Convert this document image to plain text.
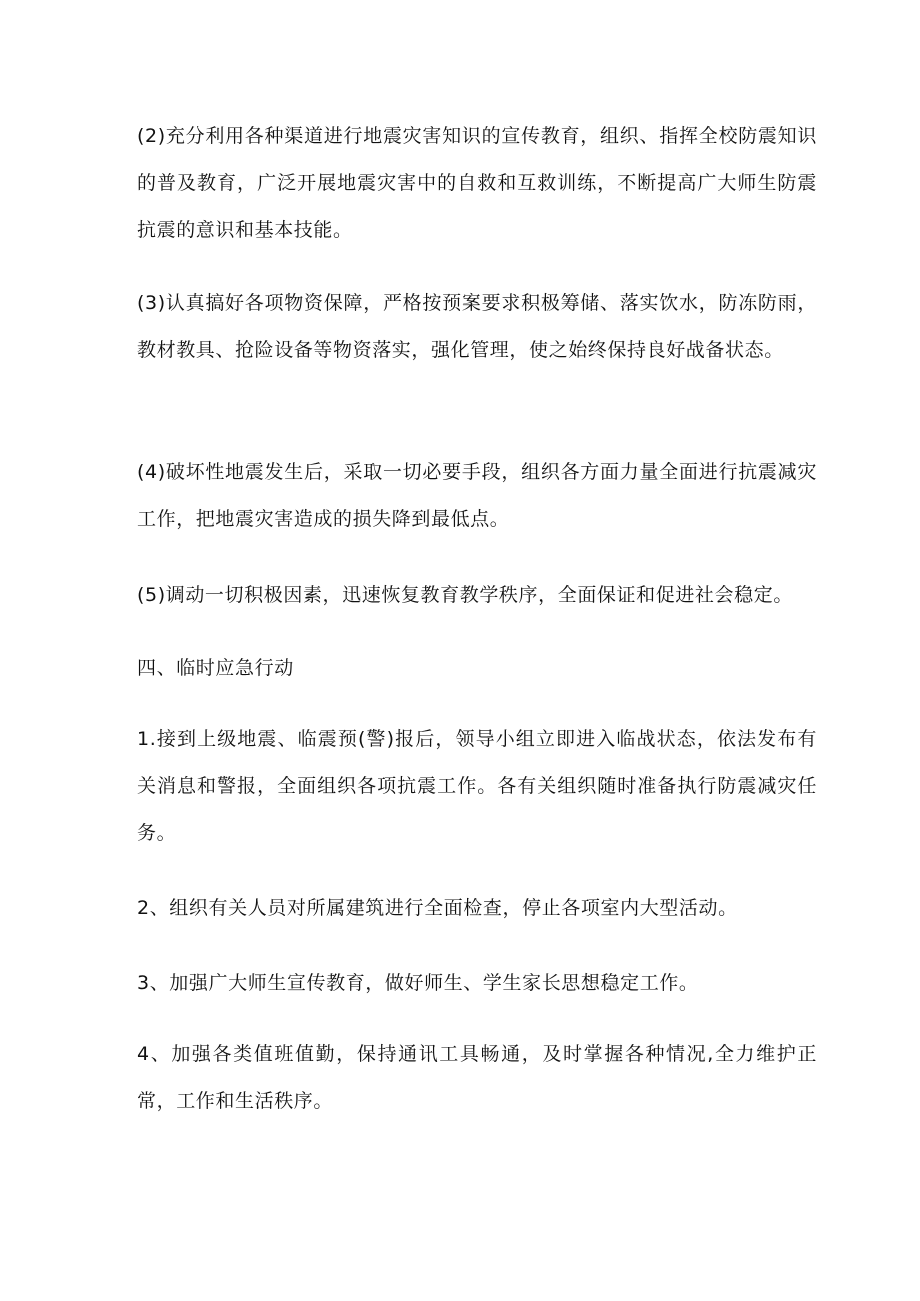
(2)充分利用各种渠道进行地震灾害知识的宣传教育，组织、指挥全校防震知识的普及教育，广泛开展地震灾害中的自救和互救训练，不断提高广大师生防震抗震的意识和基本技能。

(3)认真搞好各项物资保障，严格按预案要求积极筹储、落实饮水，防冻防雨，教材教具、抢险设备等物资落实，强化管理，使之始终保持良好战备状态。

(4)破坏性地震发生后，采取一切必要手段，组织各方面力量全面进行抗震减灾工作，把地震灾害造成的损失降到最低点。

(5)调动一切积极因素，迅速恢复教育教学秩序，全面保证和促进社会稳定。

四、临时应急行动

1.接到上级地震、临震预(警)报后，领导小组立即进入临战状态，依法发布有关消息和警报，全面组织各项抗震工作。各有关组织随时准备执行防震减灾任务。

2、组织有关人员对所属建筑进行全面检查，停止各项室内大型活动。

3、加强广大师生宣传教育，做好师生、学生家长思想稳定工作。

4、加强各类值班值勤，保持通讯工具畅通，及时掌握各种情况,全力维护正常，工作和生活秩序。
